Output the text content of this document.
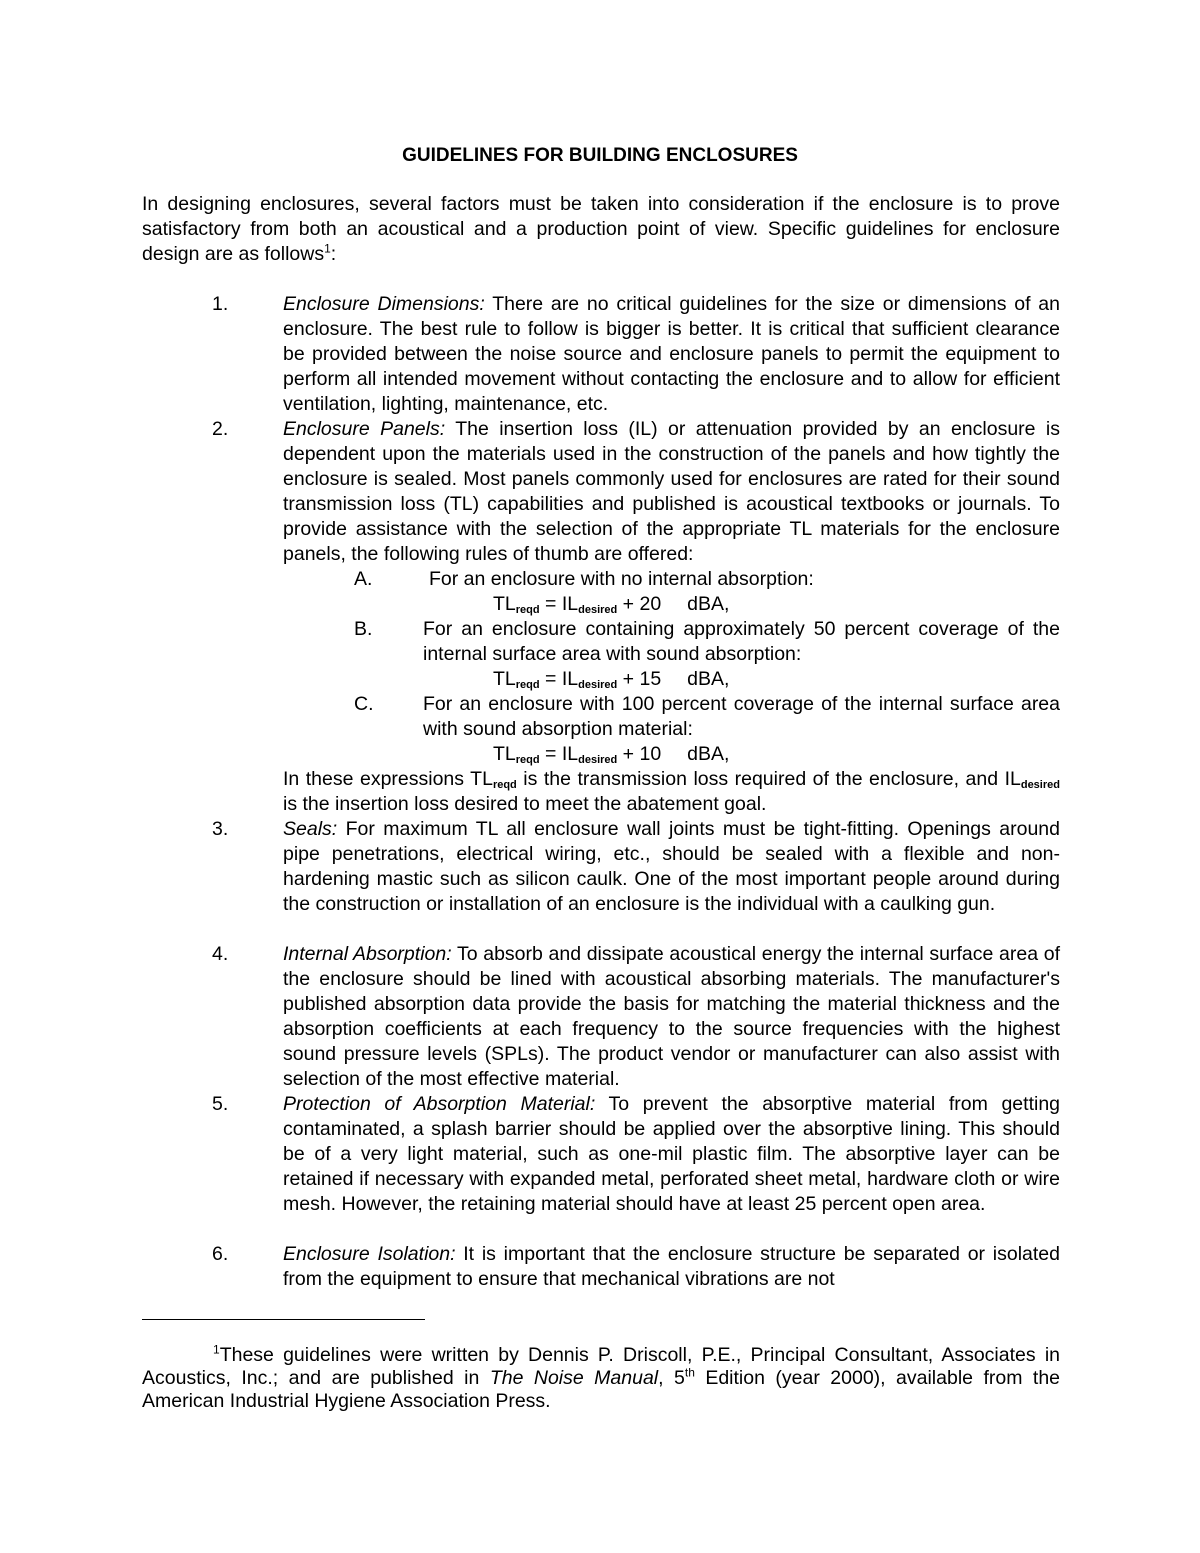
GUIDELINES FOR BUILDING ENCLOSURES
In designing enclosures, several factors must be taken into consideration if the enclosure is to prove satisfactory from both an acoustical and a production point of view. Specific guidelines for enclosure design are as follows$^1$:
1.	Enclosure Dimensions: There are no critical guidelines for the size or dimensions of an enclosure. The best rule to follow is bigger is better. It is critical that sufficient clearance be provided between the noise source and enclosure panels to permit the equipment to perform all intended movement without contacting the enclosure and to allow for efficient ventilation, lighting, maintenance, etc.
2.	Enclosure Panels: The insertion loss (IL) or attenuation provided by an enclosure is dependent upon the materials used in the construction of the panels and how tightly the enclosure is sealed. Most panels commonly used for enclosures are rated for their sound transmission loss (TL) capabilities and published is acoustical textbooks or journals. To provide assistance with the selection of the appropriate TL materials for the enclosure panels, the following rules of thumb are offered:
A.	For an enclosure with no internal absorption:
$TL_{reqd} = IL_{desired} + 20$ dBA,
B.	For an enclosure containing approximately 50 percent coverage of the internal surface area with sound absorption:
$TL_{reqd} = IL_{desired} + 15$ dBA,
C.	For an enclosure with 100 percent coverage of the internal surface area with sound absorption material:
$TL_{reqd} = IL_{desired} + 10$ dBA,
In these expressions $TL_{reqd}$ is the transmission loss required of the enclosure, and $IL_{desired}$ is the insertion loss desired to meet the abatement goal.
3.	Seals: For maximum TL all enclosure wall joints must be tight-fitting. Openings around pipe penetrations, electrical wiring, etc., should be sealed with a flexible and non-hardening mastic such as silicon caulk. One of the most important people around during the construction or installation of an enclosure is the individual with a caulking gun.
4.	Internal Absorption: To absorb and dissipate acoustical energy the internal surface area of the enclosure should be lined with acoustical absorbing materials. The manufacturer's published absorption data provide the basis for matching the material thickness and the absorption coefficients at each frequency to the source frequencies with the highest sound pressure levels (SPLs). The product vendor or manufacturer can also assist with selection of the most effective material.
5.	Protection of Absorption Material: To prevent the absorptive material from getting contaminated, a splash barrier should be applied over the absorptive lining. This should be of a very light material, such as one-mil plastic film. The absorptive layer can be retained if necessary with expanded metal, perforated sheet metal, hardware cloth or wire mesh. However, the retaining material should have at least 25 percent open area.
6.	Enclosure Isolation: It is important that the enclosure structure be separated or isolated from the equipment to ensure that mechanical vibrations are not
$^1$These guidelines were written by Dennis P. Driscoll, P.E., Principal Consultant, Associates in Acoustics, Inc.; and are published in The Noise Manual, 5th Edition (year 2000), available from the American Industrial Hygiene Association Press.
